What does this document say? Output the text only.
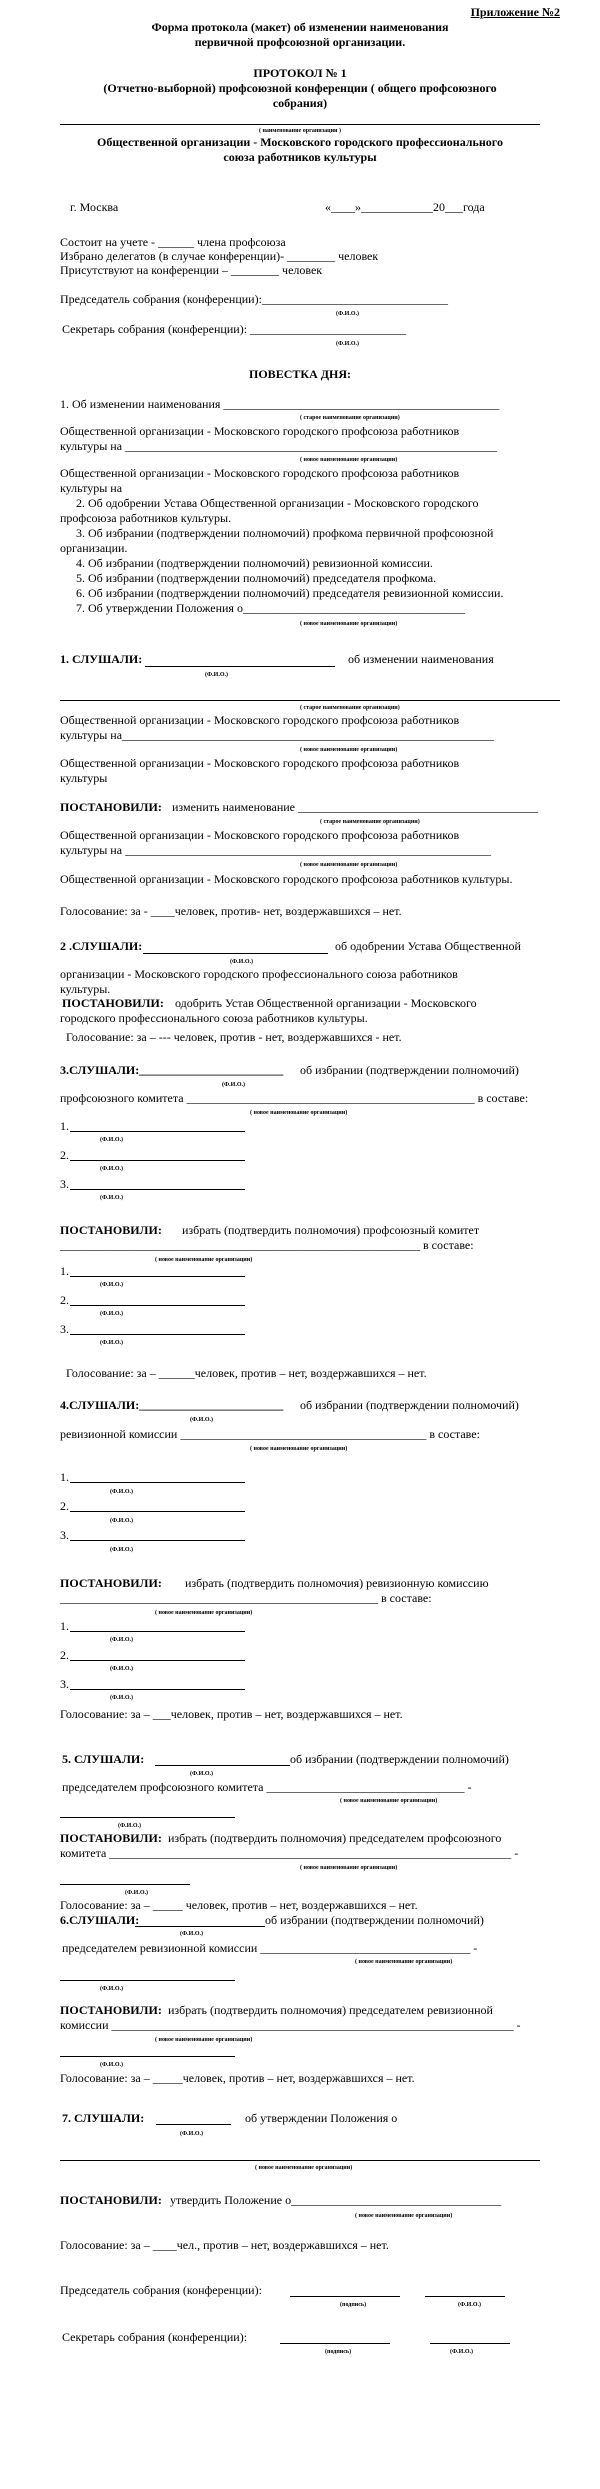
Приложение №2
Форма протокола (макет) об изменении наименования
первичной профсоюзной организации.
ПРОТОКОЛ № 1
(Отчетно-выборной) профсоюзной конференции ( общего профсоюзного
собрания)
( наименование организации )
Общественной организации - Московского городского профессионального
союза работников культуры
г. Москва	«____»____________20___года
Состоит на учете - ______ члена профсоюза
Избрано делегатов (в случае конференции)- ________ человек
Присутствуют на конференции – ________ человек
Председатель собрания (конференции):_______________________________
(Ф.И.О.)
Секретарь собрания (конференции): __________________________
(Ф.И.О.)
ПОВЕСТКА ДНЯ:
1. Об изменении наименования ______________________________________________
( старое наименование организации)
Общественной организации - Московского городского профсоюза работников
культуры на ______________________________________________________________
( новое наименование организации)
Общественной организации - Московского городского профсоюза работников
культуры на
2. Об одобрении Устава Общественной организации - Московского городского
профсоюза работников культуры.
3. Об избрании (подтверждении полномочий) профкома первичной профсоюзной
организации.
4. Об избрании (подтверждении полномочий) ревизионной комиссии.
5. Об избрании (подтверждении полномочий) председателя профкома.
6. Об избрании (подтверждении полномочий) председателя ревизионной комиссии.
7. Об утверждении Положения о_____________________________________
( новое наименование организации)
1. СЛУШАЛИ:	об изменении наименования
(Ф.И.О.)
( старое наименование организации)
Общественной организации - Московского городского профсоюза работников
культуры на______________________________________________________________
( новое наименование организации)
Общественной организации - Московского городского профсоюза работников
культуры
ПОСТАНОВИЛИ: изменить наименование ________________________________________
( старое наименование организации)
Общественной организации - Московского городского профсоюза работников
культуры на _____________________________________________________________
( новое наименование организации)
Общественной организации - Московского городского профсоюза работников культуры.
Голосование: за - ____человек, против- нет, воздержавшихся – нет.
2 .СЛУШАЛИ:	об одобрении Устава Общественной
(Ф.И.О.)
организации - Московского городского профессионального союза работников
культуры.
ПОСТАНОВИЛИ: одобрить Устав Общественной организации - Московского
городского профессионального союза работников культуры.
Голосование: за – --- человек, против - нет, воздержавшихся - нет.
3.СЛУШАЛИ:________________________ об избрании (подтверждении полномочий)
(Ф.И.О.)
профсоюзного комитета ________________________________________________ в составе:
( новое наименование организации)
1.
(Ф.И.О.)
2.
(Ф.И.О.)
3.
(Ф.И.О.)
ПОСТАНОВИЛИ: избрать (подтвердить полномочия) профсоюзный комитет
____________________________________________________________ в составе:
( новое наименование организации)
1.
(Ф.И.О.)
2.
(Ф.И.О.)
3.
(Ф.И.О.)
Голосование: за – ______человек, против – нет, воздержавшихся – нет.
4.СЛУШАЛИ:________________________ об избрании (подтверждении полномочий)
(Ф.И.О.)
ревизионной комиссии _________________________________________ в составе:
( новое наименование организации)
1.
(Ф.И.О.)
2.
(Ф.И.О.)
3.
(Ф.И.О.)
ПОСТАНОВИЛИ: избрать (подтвердить полномочия) ревизионную комиссию
_____________________________________________________ в составе:
( новое наименование организации)
1.
(Ф.И.О.)
2.
(Ф.И.О.)
3.
(Ф.И.О.)
Голосование: за – ___человек, против – нет, воздержавшихся – нет.
5. СЛУШАЛИ:	об избрании (подтверждении полномочий)
(Ф.И.О.)
председателем профсоюзного комитета _________________________________ -
( новое наименование организации)
(Ф.И.О.)
ПОСТАНОВИЛИ: избрать (подтвердить полномочия) председателем профсоюзного
комитета ___________________________________________________________________ -
( новое наименование организации)
(Ф.И.О.)
Голосование: за – _____ человек, против – нет, воздержавшихся – нет.
6.СЛУШАЛИ:	об избрании (подтверждении полномочий)
(Ф.И.О.)
председателем ревизионной комиссии ___________________________________ -
( новое наименование организации)
(Ф.И.О.)
ПОСТАНОВИЛИ: избрать (подтвердить полномочия) председателем ревизионной
комиссии ___________________________________________________________________ -
( новое наименование организации)
(Ф.И.О.)
Голосование: за – _____человек, против – нет, воздержавшихся – нет.
7. СЛУШАЛИ:	об утверждении Положения о
(Ф.И.О.)
( новое наименование организации)
ПОСТАНОВИЛИ: утвердить Положение о___________________________________
( новое наименование организации)
Голосование: за – ____чел., против – нет, воздержавшихся – нет.
Председатель собрания (конференции):
(подпись)	(Ф.И.О.)
Секретарь собрания (конференции):
(подпись)	(Ф.И.О.)
